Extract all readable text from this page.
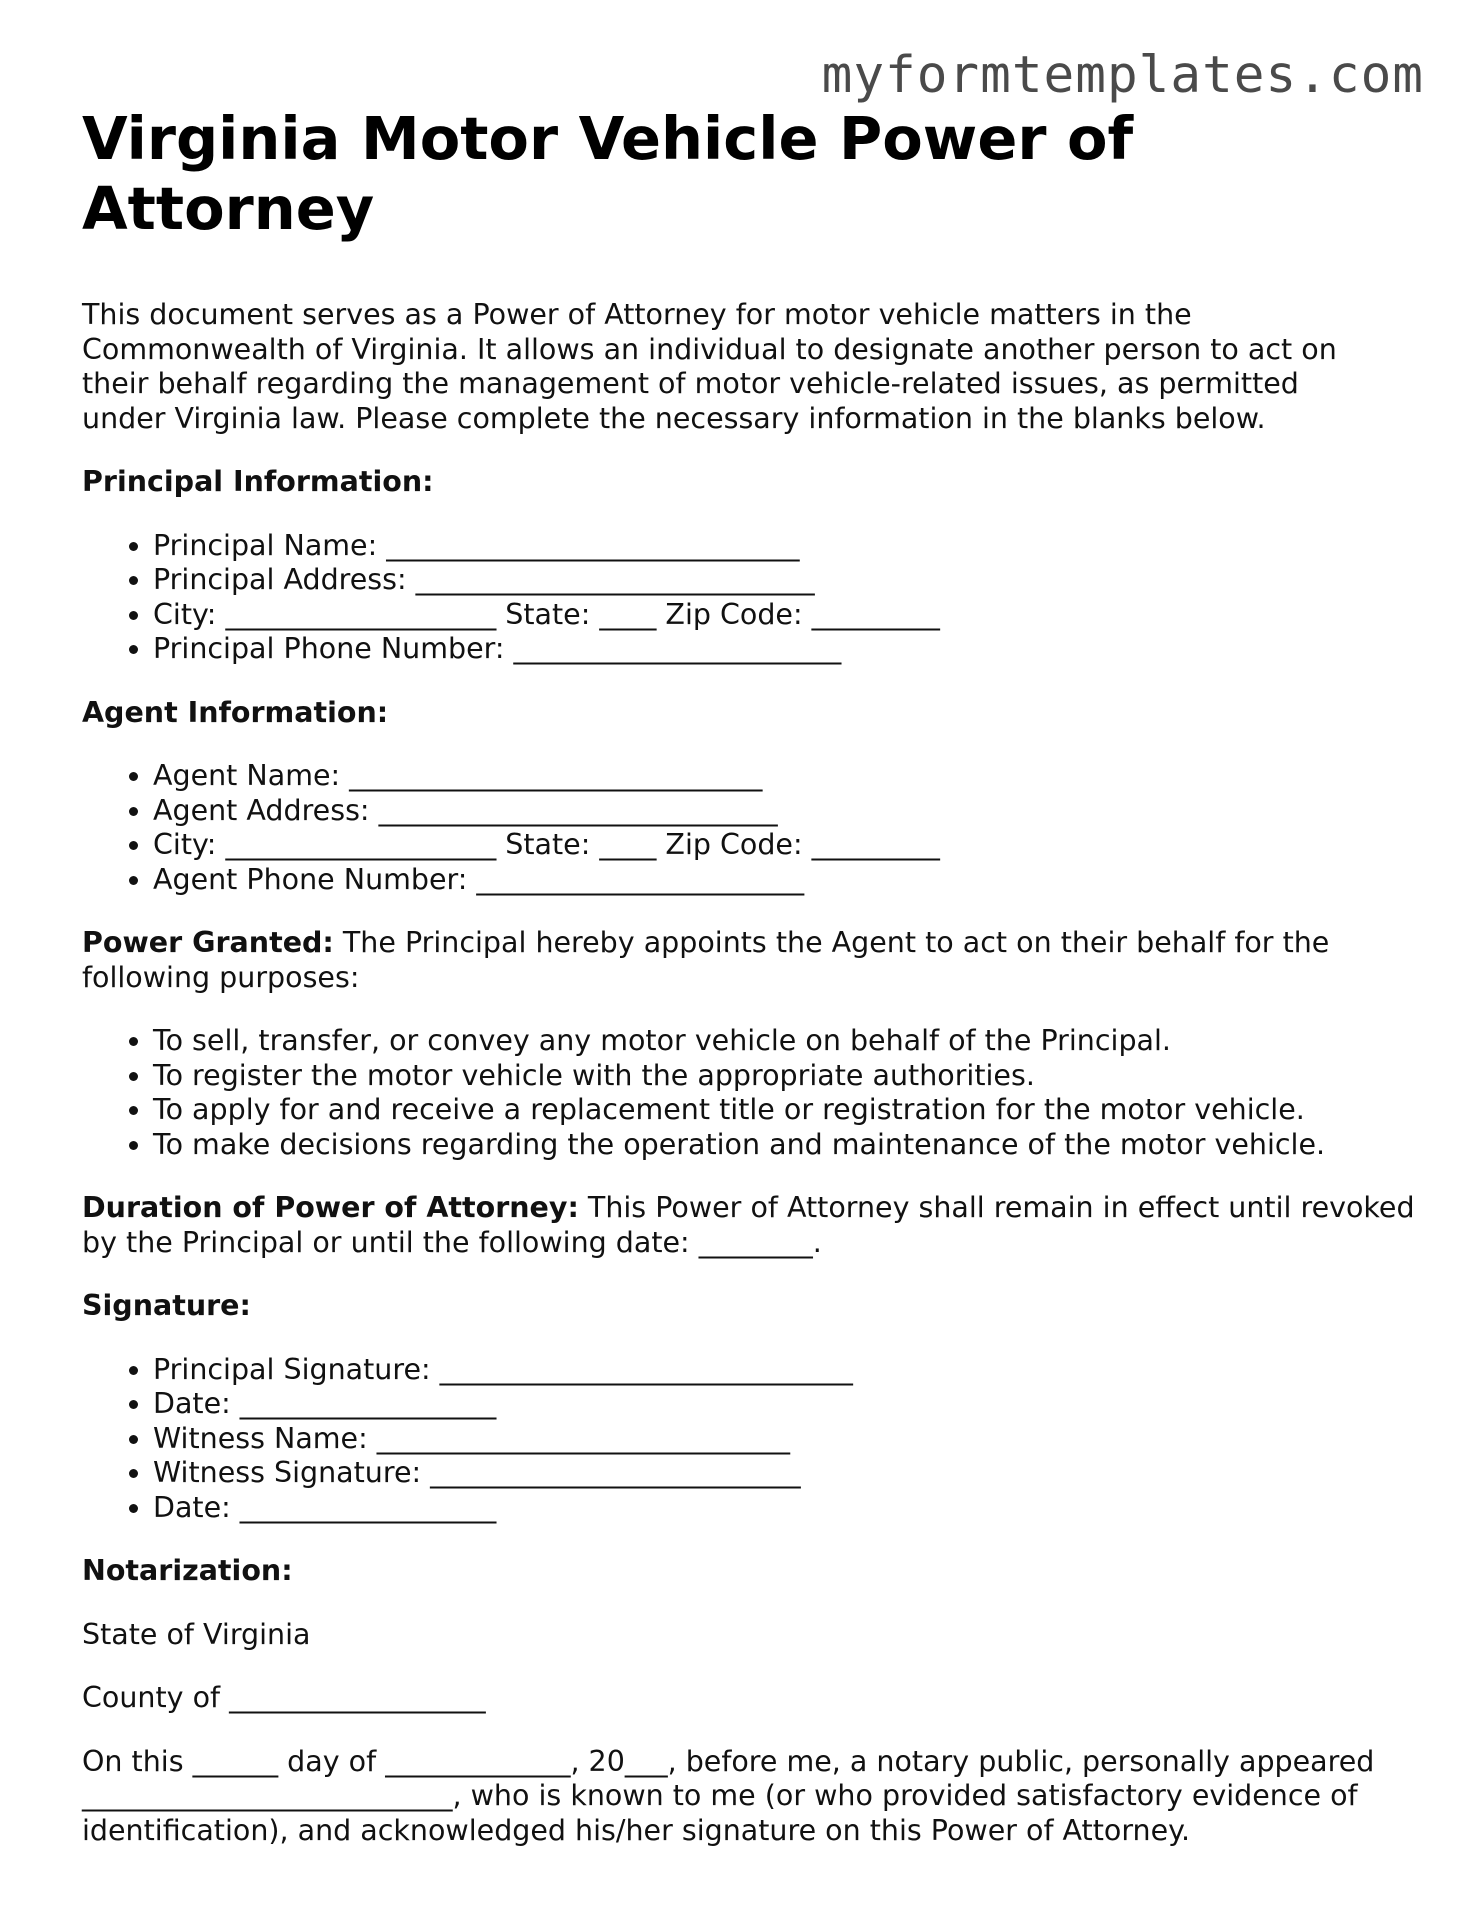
myformtemplates.com
Virginia Motor Vehicle Power of Attorney

This document serves as a Power of Attorney for motor vehicle matters in the Commonwealth of Virginia. It allows an individual to designate another person to act on their behalf regarding the management of motor vehicle-related issues, as permitted under Virginia law. Please complete the necessary information in the blanks below.

Principal Information:

• Principal Name: _____________________________
• Principal Address: ____________________________
• City: ___________________ State: ____ Zip Code: _________
• Principal Phone Number: _______________________

Agent Information:

• Agent Name: _____________________________
• Agent Address: ____________________________
• City: ___________________ State: ____ Zip Code: _________
• Agent Phone Number: _______________________

Power Granted: The Principal hereby appoints the Agent to act on their behalf for the following purposes:

• To sell, transfer, or convey any motor vehicle on behalf of the Principal.
• To register the motor vehicle with the appropriate authorities.
• To apply for and receive a replacement title or registration for the motor vehicle.
• To make decisions regarding the operation and maintenance of the motor vehicle.

Duration of Power of Attorney: This Power of Attorney shall remain in effect until revoked by the Principal or until the following date: ________.

Signature:

• Principal Signature: _____________________________
• Date: __________________
• Witness Name: _____________________________
• Witness Signature: __________________________
• Date: __________________

Notarization:

State of Virginia

County of __________________

On this ______ day of _____________, 20___, before me, a notary public, personally appeared __________________________, who is known to me (or who provided satisfactory evidence of identification), and acknowledged his/her signature on this Power of Attorney.
